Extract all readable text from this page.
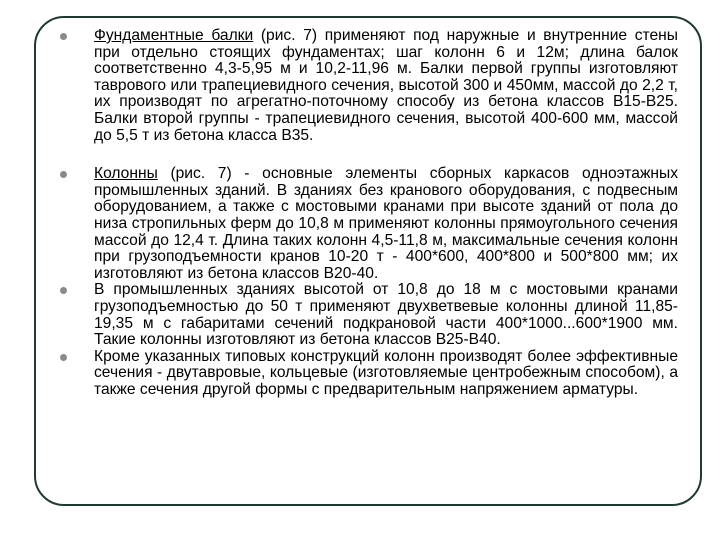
Фундаментные балки (рис. 7) применяют под наружные и внутренние стены при отдельно стоящих фундаментах; шаг колонн 6 и 12м; длина балок соответственно 4,3-5,95 м и 10,2-11,96 м. Балки первой группы изготовляют таврового или трапециевидного сечения, высотой 300 и 450мм, массой до 2,2 т, их производят по агрегатно-поточному способу из бетона классов В15-В25. Балки второй группы - трапециевидного сечения, высотой 400-600 мм, массой до 5,5 т из бетона класса В35.
Колонны (рис. 7) - основные элементы сборных каркасов одноэтажных промышленных зданий. В зданиях без кранового оборудования, с подвесным оборудованием, а также с мостовыми кранами при высоте зданий от пола до низа стропильных ферм до 10,8 м применяют колонны прямоугольного сечения массой до 12,4 т. Длина таких колонн 4,5-11,8 м, максимальные сечения колонн при грузоподъемности кранов 10-20 т - 400*600, 400*800 и 500*800 мм; их изготовляют из бетона классов В20-40.
В промышленных зданиях высотой от 10,8 до 18 м с мостовыми кранами грузоподъемностью до 50 т применяют двухветвевые колонны длиной 11,85-19,35 м с габаритами сечений подкрановой части 400*1000...600*1900 мм. Такие колонны изготовляют из бетона классов В25-В40.
Кроме указанных типовых конструкций колонн производят более эффективные сечения - двутавровые, кольцевые (изготовляемые центробежным способом), а также сечения другой формы с предварительным напряжением арматуры.
